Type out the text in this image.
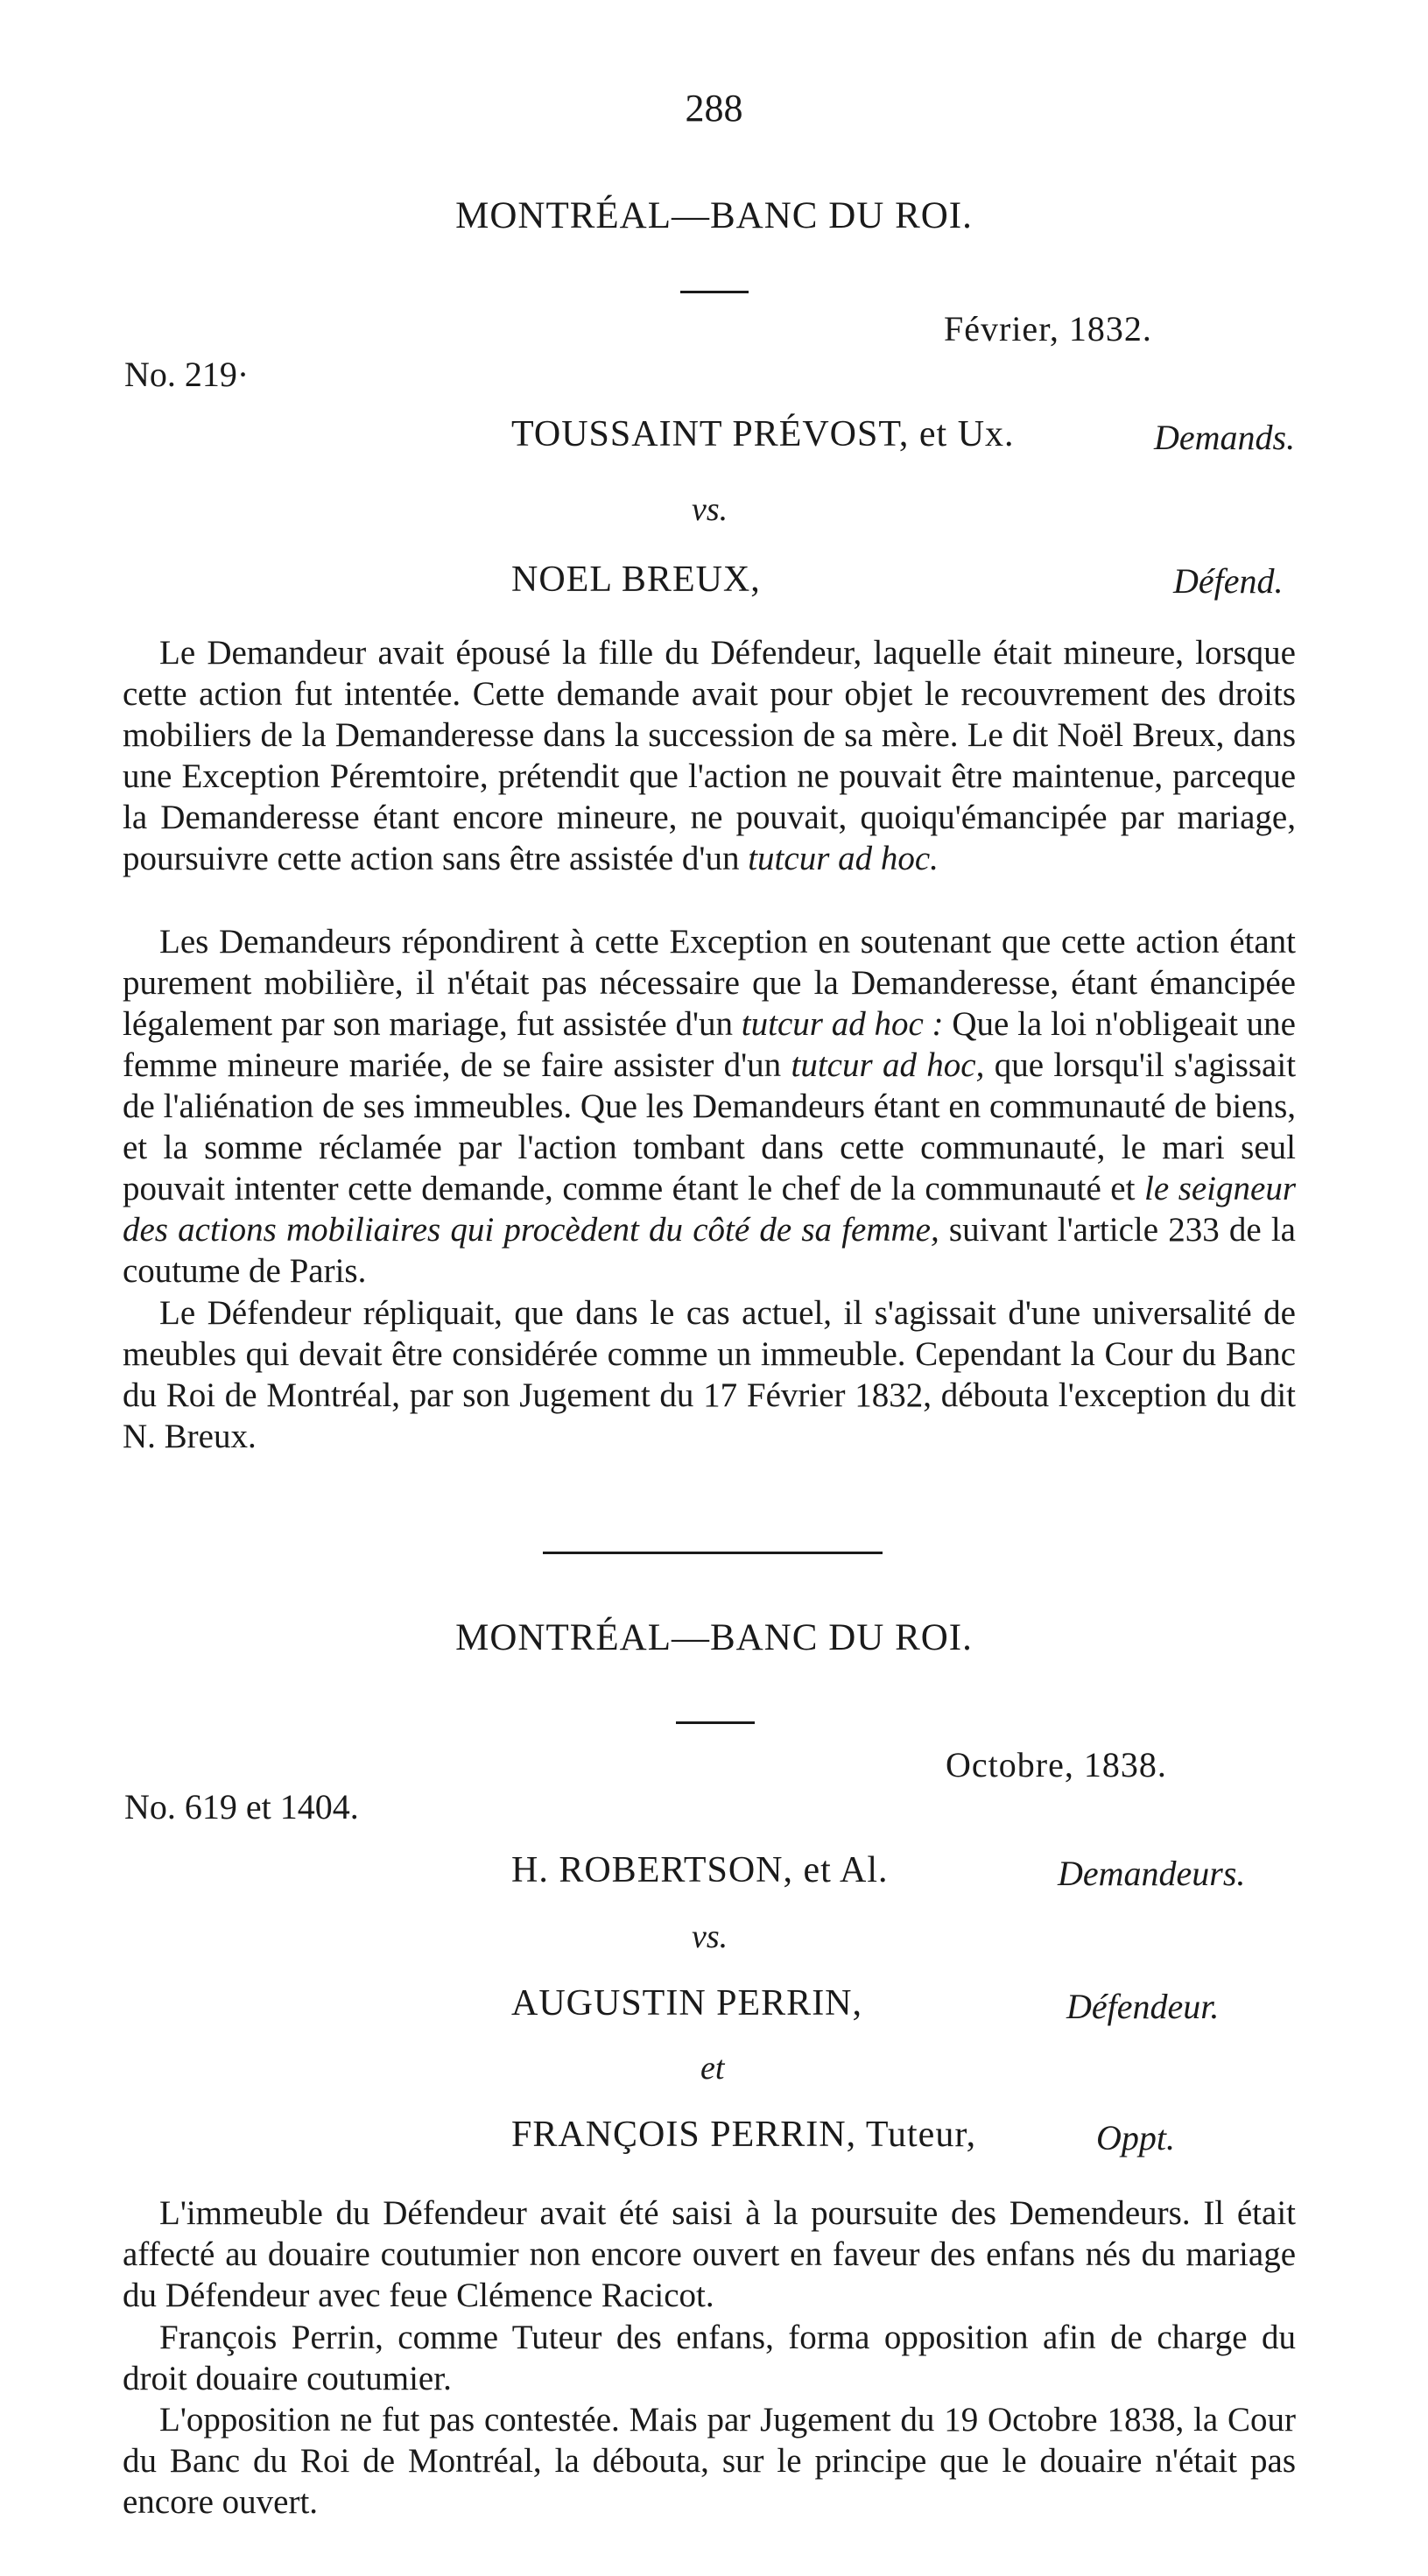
288
MONTRÉAL—BANC DU ROI.
Février, 1832.
No. 219·
TOUSSAINT PRÉVOST, et Ux.	Demands.
vs.
NOEL BREUX,	Défend.

Le Demandeur avait épousé la fille du Défendeur, laquelle était mineure, lorsque cette action fut intentée. Cette demande avait pour objet le recouvrement des droits mobiliers de la Demanderesse dans la succession de sa mère. Le dit Noël Breux, dans une Exception Péremtoire, prétendit que l'action ne pouvait être maintenue, parceque la Demanderesse étant encore mineure, ne pouvait, quoiqu'émancipée par mariage, poursuivre cette action sans être assistée d'un tutcur ad hoc.

Les Demandeurs répondirent à cette Exception en soutenant que cette action étant purement mobilière, il n'était pas nécessaire que la Demanderesse, étant émancipée légalement par son mariage, fut assistée d'un tutcur ad hoc : Que la loi n'obligeait une femme mineure mariée, de se faire assister d'un tutcur ad hoc, que lorsqu'il s'agissait de l'aliénation de ses immeubles. Que les Demandeurs étant en communauté de biens, et la somme réclamée par l'action tombant dans cette communauté, le mari seul pouvait intenter cette demande, comme étant le chef de la communauté et le seigneur des actions mobiliaires qui procèdent du côté de sa femme, suivant l'article 233 de la coutume de Paris.

Le Défendeur répliquait, que dans le cas actuel, il s'agissait d'une universalité de meubles qui devait être considérée comme un immeuble. Cependant la Cour du Banc du Roi de Montréal, par son Jugement du 17 Février 1832, débouta l'exception du dit N. Breux.

MONTRÉAL—BANC DU ROI.
Octobre, 1838.
No. 619 et 1404.
H. ROBERTSON, et Al.	Demandeurs.
vs.
AUGUSTIN PERRIN,	Défendeur.
et
FRANÇOIS PERRIN, Tuteur,	Oppt.

L'immeuble du Défendeur avait été saisi à la poursuite des Demendeurs. Il était affecté au douaire coutumier non encore ouvert en faveur des enfans nés du mariage du Défendeur avec feue Clémence Racicot.

François Perrin, comme Tuteur des enfans, forma opposition afin de charge du droit douaire coutumier.

L'opposition ne fut pas contestée. Mais par Jugement du 19 Octobre 1838, la Cour du Banc du Roi de Montréal, la débouta, sur le principe que le douaire n'était pas encore ouvert.
